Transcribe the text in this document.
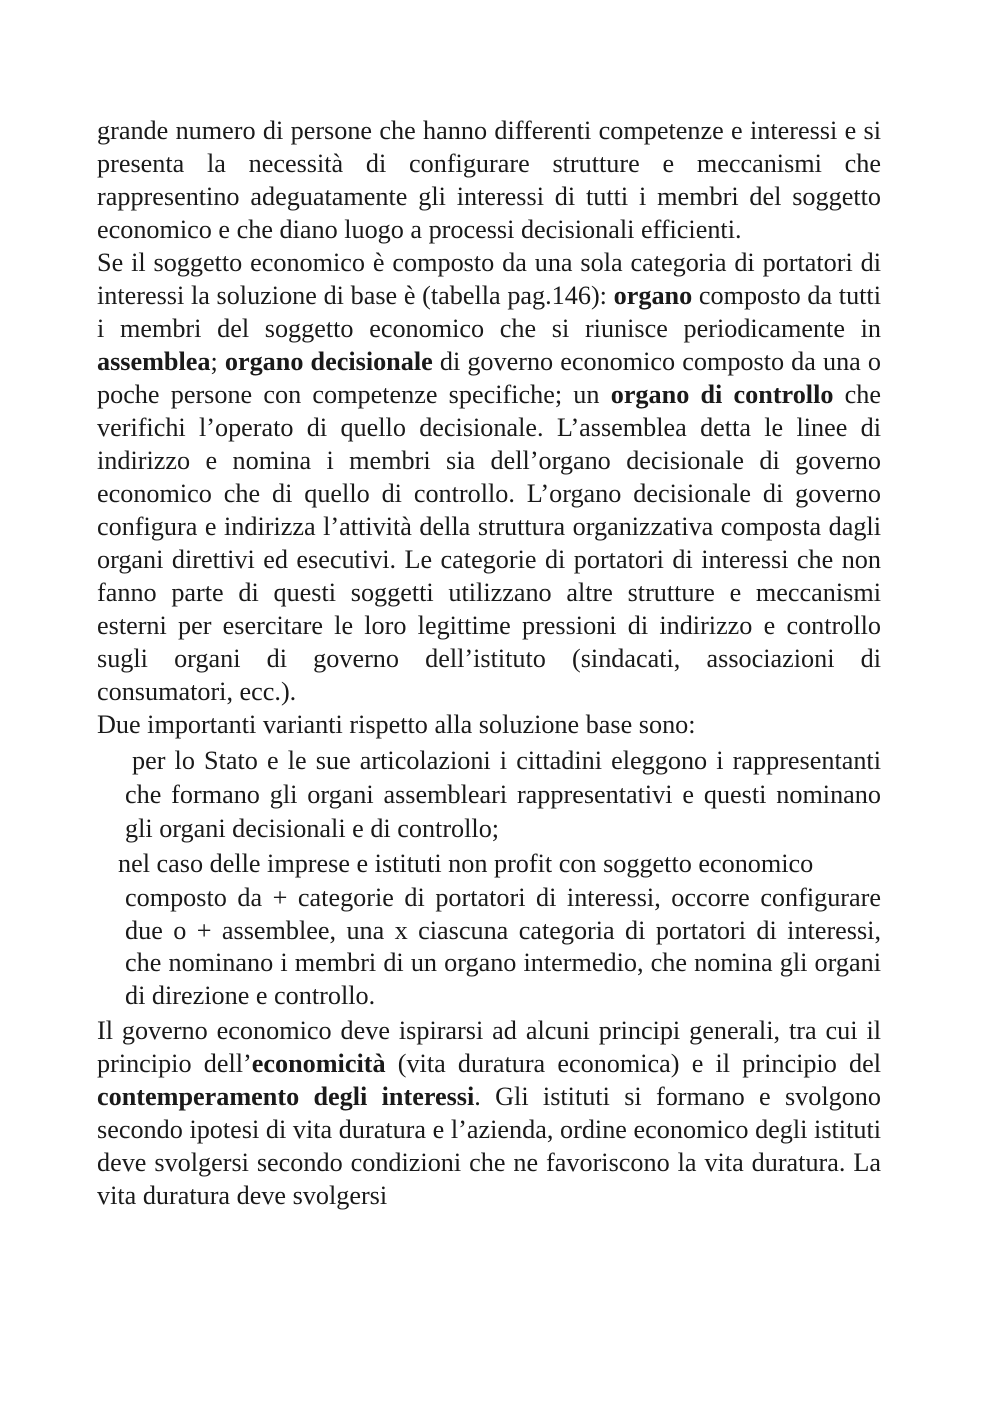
grande numero di persone che hanno differenti competenze e interessi e si presenta la necessità di configurare strutture e meccanismi che rappresentino adeguatamente gli interessi di tutti i membri del soggetto economico e che diano luogo a processi decisionali efficienti.

Se il soggetto economico è composto da una sola categoria di portatori di interessi la soluzione di base è (tabella pag.146): organo composto da tutti i membri del soggetto economico che si riunisce periodicamente in assemblea; organo decisionale di governo economico composto da una o poche persone con competenze specifiche; un organo di controllo che verifichi l’operato di quello decisionale. L’assemblea detta le linee di indirizzo e nomina i membri sia dell’organo decisionale di governo economico che di quello di controllo. L’organo decisionale di governo configura e indirizza l’attività della struttura organizzativa composta dagli organi direttivi ed esecutivi. Le categorie di portatori di interessi che non fanno parte di questi soggetti utilizzano altre strutture e meccanismi esterni per esercitare le loro legittime pressioni di indirizzo e controllo sugli organi di governo dell’istituto (sindacati, associazioni di consumatori, ecc.).

Due importanti varianti rispetto alla soluzione base sono:

per lo Stato e le sue articolazioni i cittadini eleggono i rappresentanti che formano gli organi assembleari rappresentativi e questi nominano gli organi decisionali e di controllo;

nel caso delle imprese e istituti non profit con soggetto economico
composto da + categorie di portatori di interessi, occorre configurare due o + assemblee, una x ciascuna categoria di portatori di interessi, che nominano i membri di un organo intermedio, che nomina gli organi di direzione e controllo.

Il governo economico deve ispirarsi ad alcuni principi generali, tra cui il principio dell’economicità (vita duratura economica) e il principio del contemperamento degli interessi. Gli istituti si formano e svolgono secondo ipotesi di vita duratura e l’azienda, ordine economico degli istituti deve svolgersi secondo condizioni che ne favoriscono la vita duratura. La vita duratura deve svolgersi
